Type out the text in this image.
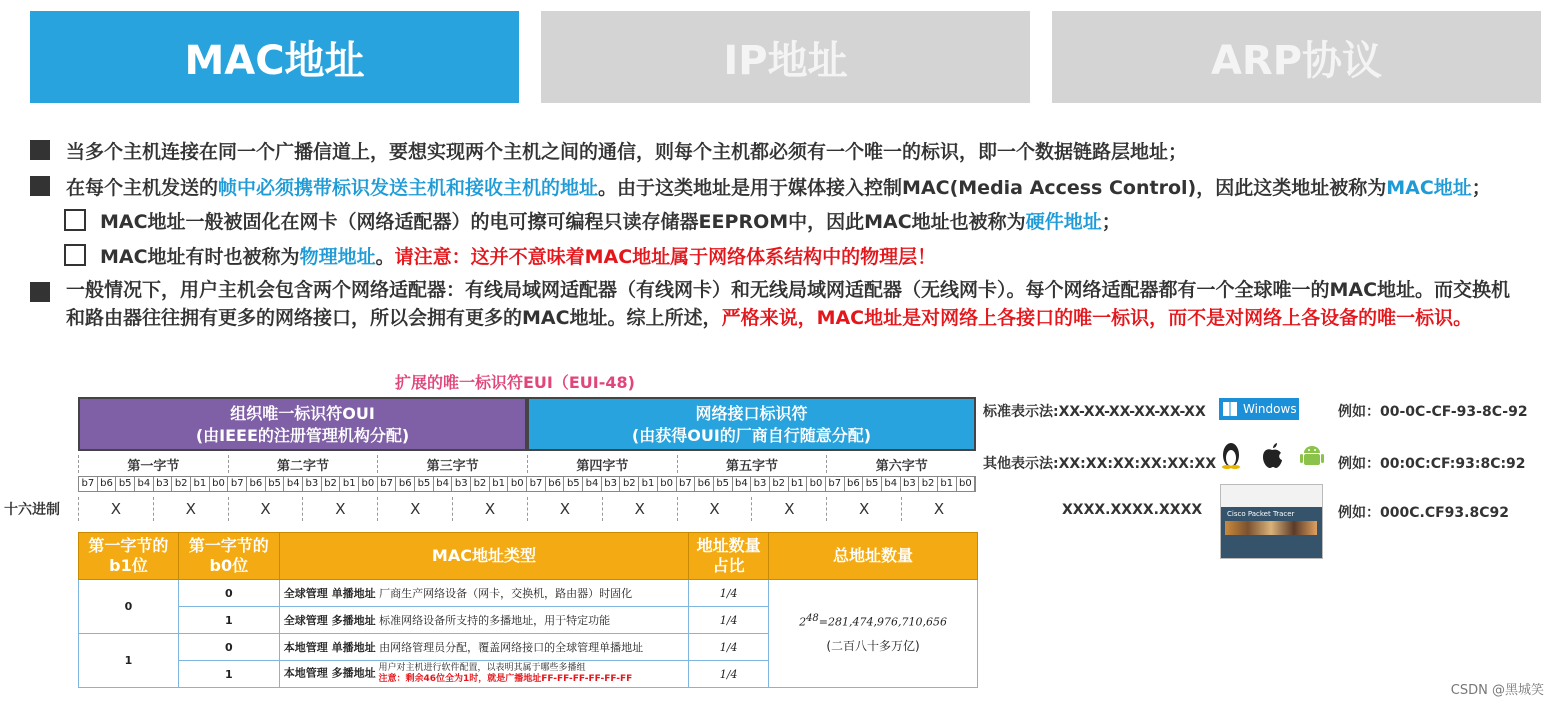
MAC地址	IP地址	ARP协议
当多个主机连接在同一个广播信道上，要想实现两个主机之间的通信，则每个主机都必须有一个唯一的标识，即一个数据链路层地址；
在每个主机发送的帧中必须携带标识发送主机和接收主机的地址。由于这类地址是用于媒体接入控制MAC(Media Access Control)，因此这类地址被称为MAC地址；
MAC地址一般被固化在网卡（网络适配器）的电可擦可编程只读存储器EEPROM中，因此MAC地址也被称为硬件地址；
MAC地址有时也被称为物理地址。请注意：这并不意味着MAC地址属于网络体系结构中的物理层！
一般情况下，用户主机会包含两个网络适配器：有线局域网适配器（有线网卡）和无线局域网适配器（无线网卡）。每个网络适配器都有一个全球唯一的MAC地址。而交换机和路由器往往拥有更多的网络接口，所以会拥有更多的MAC地址。综上所述，严格来说，MAC地址是对网络上各接口的唯一标识，而不是对网络上各设备的唯一标识。
扩展的唯一标识符EUI（EUI-48)
组织唯一标识符OUI
(由IEEE的注册管理机构分配)
网络接口标识符
(由获得OUI的厂商自行随意分配)
第一字节	第二字节	第三字节	第四字节	第五字节	第六字节
b7 b6 b5 b4 b3 b2 b1 b0 b7 b6 b5 b4 b3 b2 b1 b0 b7 b6 b5 b4 b3 b2 b1 b0 b7 b6 b5 b4 b3 b2 b1 b0 b7 b6 b5 b4 b3 b2 b1 b0 b7 b6 b5 b4 b3 b2 b1 b0
十六进制	X	X	X	X	X	X	X	X	X	X	X	X
标准表示法:XX-XX-XX-XX-XX-XX	Windows	例如：00-0C-CF-93-8C-92
其他表示法:XX:XX:XX:XX:XX:XX	例如：00:0C:CF:93:8C:92
XXXX.XXXX.XXXX	Cisco Packet Tracer	例如：000C.CF93.8C92
第一字节的b1位	第一字节的b0位	MAC地址类型	地址数量占比	总地址数量
0	0	全球管理 单播地址 厂商生产网络设备（网卡，交换机，路由器）时固化	1/4	$2^{48}=281,474,976,710,656$
(二百八十多万亿)

	1	全球管理 多播地址 标准网络设备所支持的多播地址，用于特定功能	1/4	
1	0	本地管理 单播地址 由网络管理员分配，覆盖网络接口的全球管理单播地址	1/4	
	1	本地管理 多播地址 用户对主机进行软件配置，以表明其属于哪些多播组
注意：剩余46位全为1时，就是广播地址FF-FF-FF-FF-FF-FF	1/4	
CSDN @黑城笑
